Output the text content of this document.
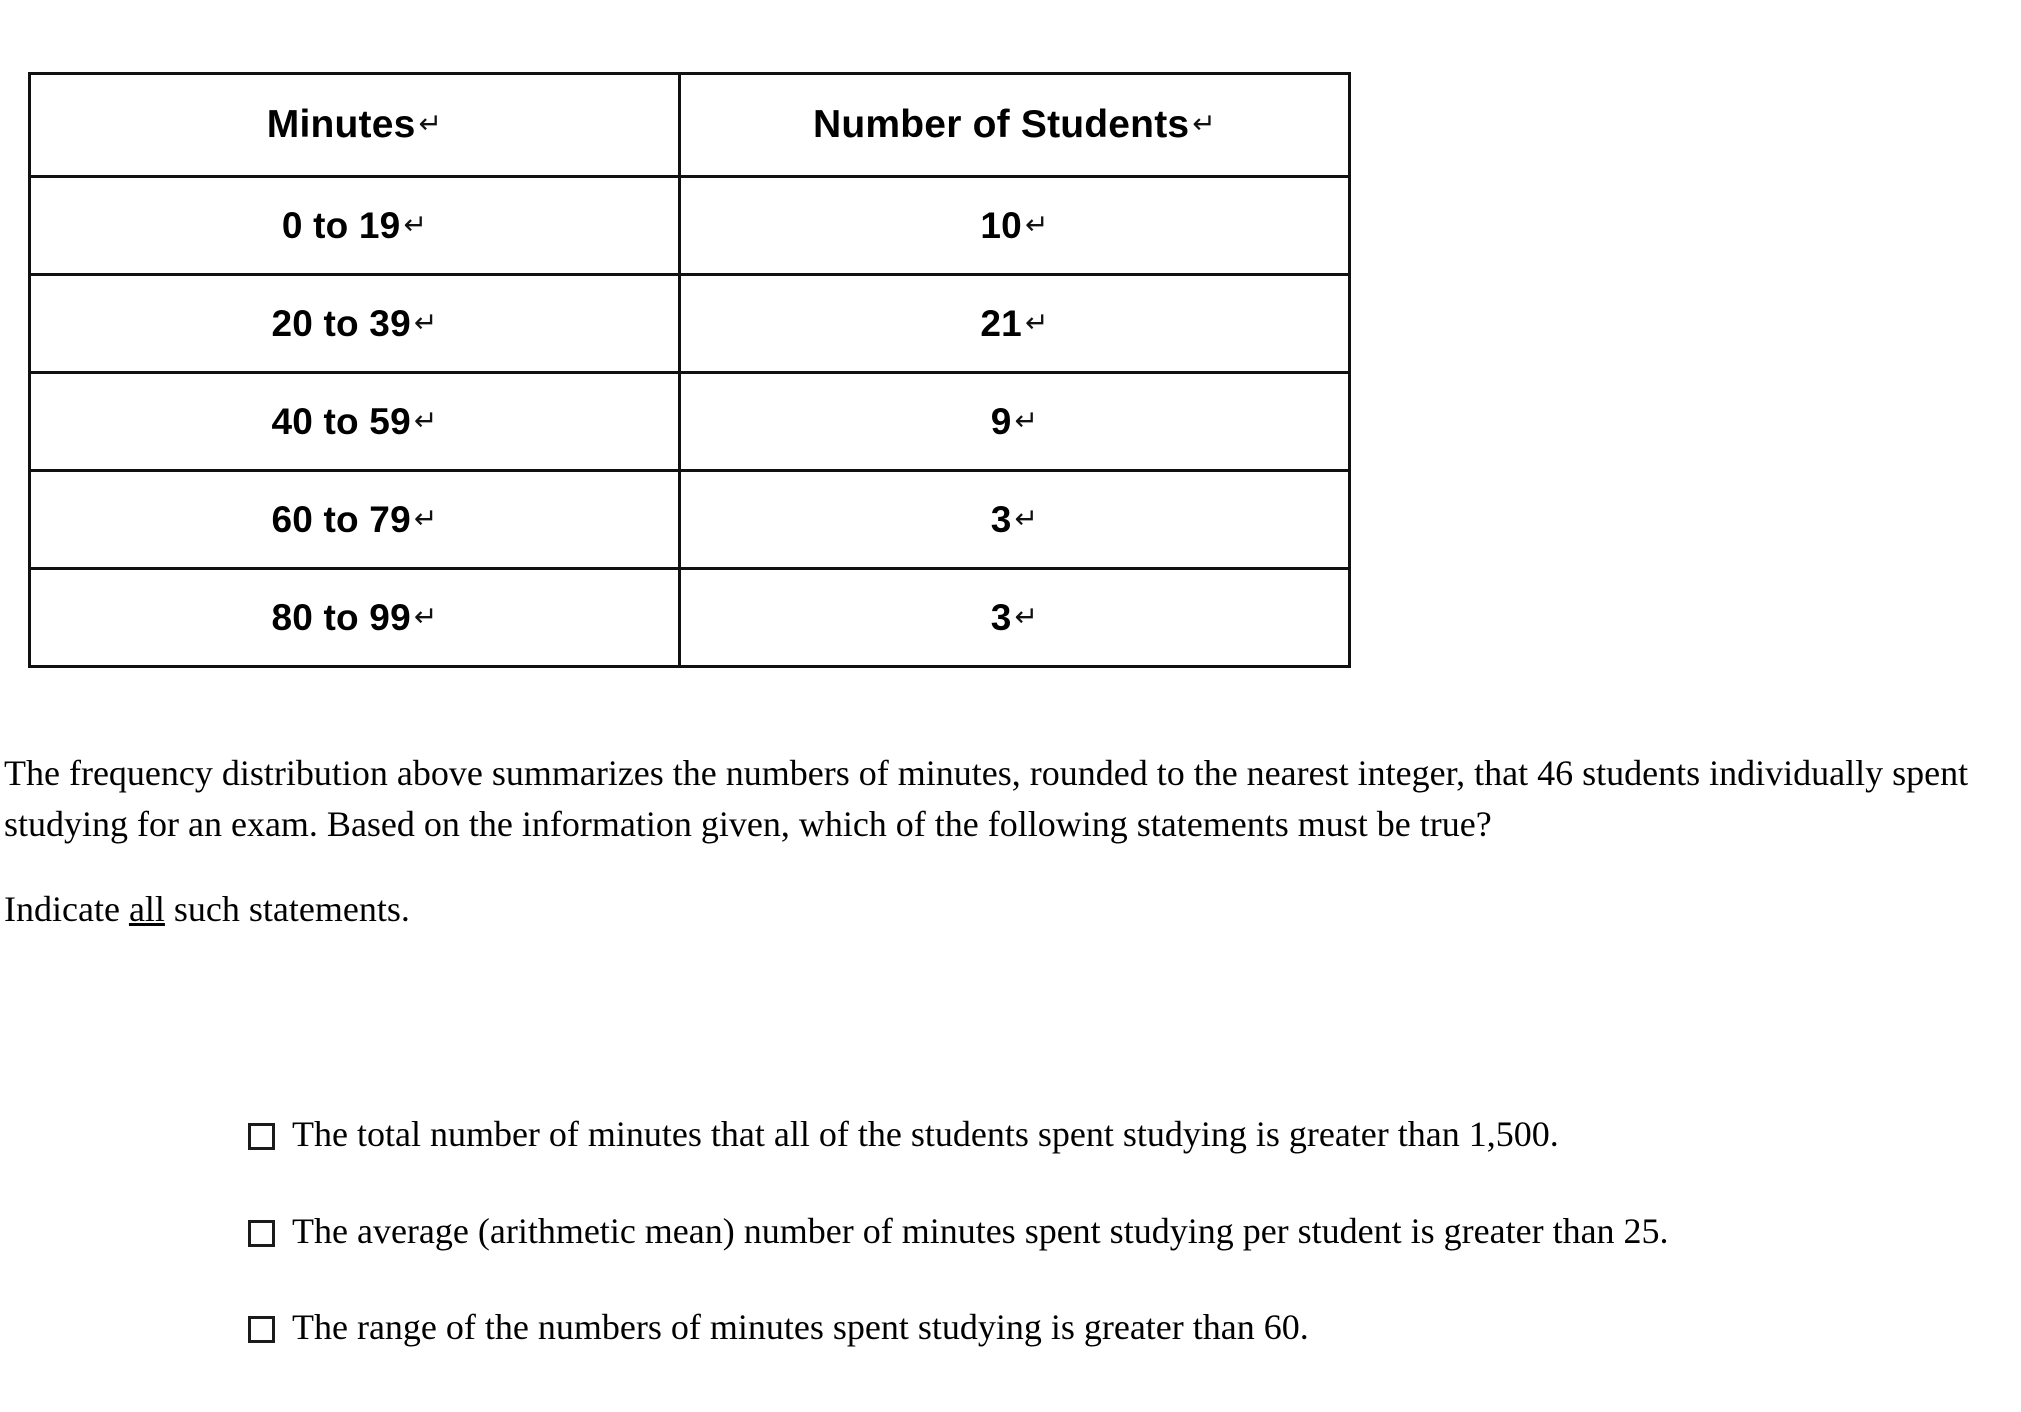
Minutes ↵	Number of Students ↵

0 to 19 ↵	10 ↵

20 to 39 ↵	21 ↵

40 to 59 ↵	9 ↵

60 to 79 ↵	3 ↵

80 to 99 ↵	3 ↵

The frequency distribution above summarizes the numbers of minutes, rounded to the nearest integer, that 46 students individually spent studying for an exam. Based on the information given, which of the following statements must be true?

Indicate all such statements.

The total number of minutes that all of the students spent studying is greater than 1,500.
The average (arithmetic mean) number of minutes spent studying per student is greater than 25.
The range of the numbers of minutes spent studying is greater than 60.
